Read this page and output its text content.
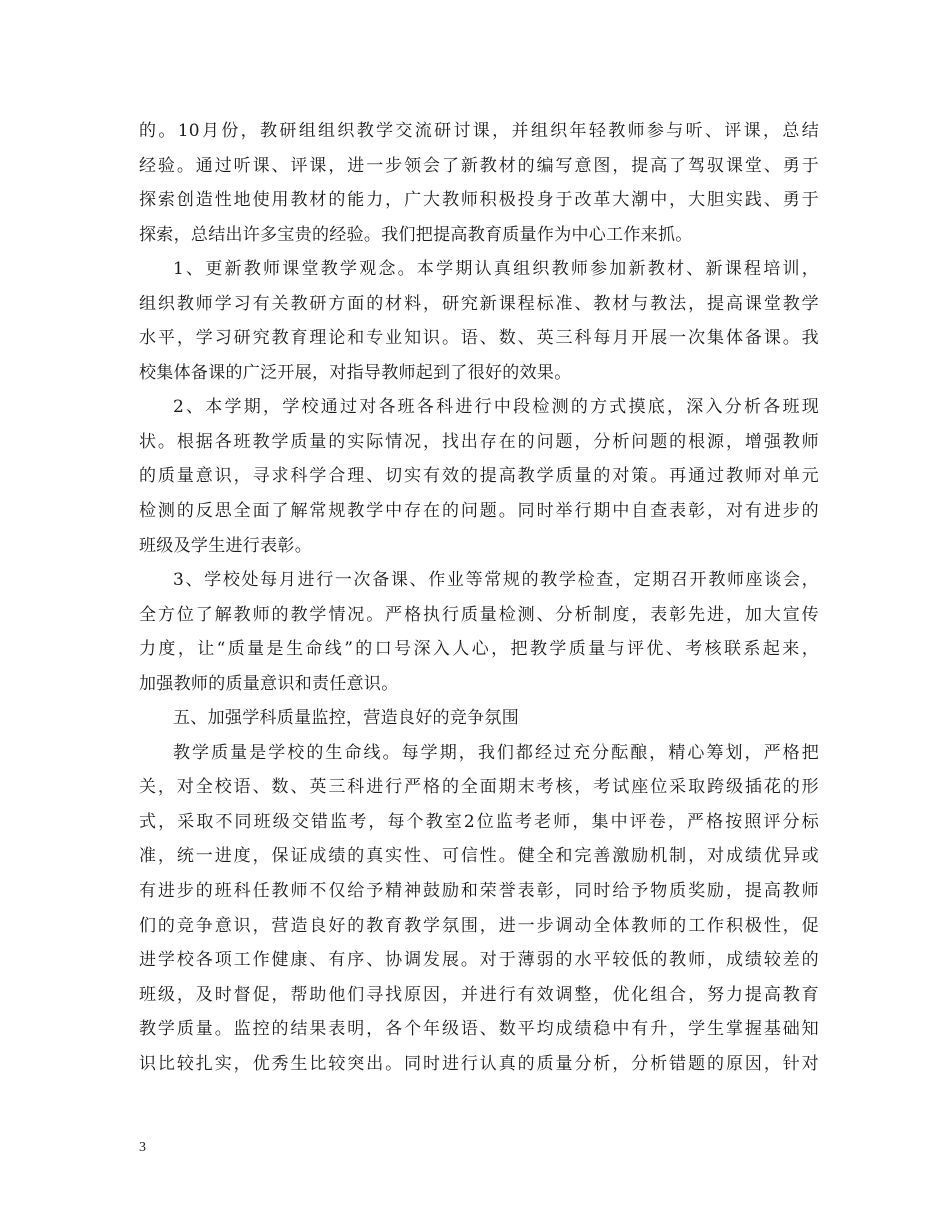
的。10月份，教研组组织教学交流研讨课，并组织年轻教师参与听、评课，总结
经验。通过听课、评课，进一步领会了新教材的编写意图，提高了驾驭课堂、勇于
探索创造性地使用教材的能力，广大教师积极投身于改革大潮中，大胆实践、勇于
探索，总结出许多宝贵的经验。我们把提高教育质量作为中心工作来抓。
1、更新教师课堂教学观念。本学期认真组织教师参加新教材、新课程培训，
组织教师学习有关教研方面的材料，研究新课程标准、教材与教法，提高课堂教学
水平，学习研究教育理论和专业知识。语、数、英三科每月开展一次集体备课。我
校集体备课的广泛开展，对指导教师起到了很好的效果。
2、本学期，学校通过对各班各科进行中段检测的方式摸底，深入分析各班现
状。根据各班教学质量的实际情况，找出存在的问题，分析问题的根源，增强教师
的质量意识，寻求科学合理、切实有效的提高教学质量的对策。再通过教师对单元
检测的反思全面了解常规教学中存在的问题。同时举行期中自查表彰，对有进步的
班级及学生进行表彰。
3、学校处每月进行一次备课、作业等常规的教学检查，定期召开教师座谈会，
全方位了解教师的教学情况。严格执行质量检测、分析制度，表彰先进，加大宣传
力度，让“质量是生命线”的口号深入人心，把教学质量与评优、考核联系起来，
加强教师的质量意识和责任意识。
五、加强学科质量监控，营造良好的竞争氛围
教学质量是学校的生命线。每学期，我们都经过充分酝酿，精心筹划，严格把
关，对全校语、数、英三科进行严格的全面期末考核，考试座位采取跨级插花的形
式，采取不同班级交错监考，每个教室2位监考老师，集中评卷，严格按照评分标
准，统一进度，保证成绩的真实性、可信性。健全和完善激励机制，对成绩优异或
有进步的班科任教师不仅给予精神鼓励和荣誉表彰，同时给予物质奖励，提高教师
们的竞争意识，营造良好的教育教学氛围，进一步调动全体教师的工作积极性，促
进学校各项工作健康、有序、协调发展。对于薄弱的水平较低的教师，成绩较差的
班级，及时督促，帮助他们寻找原因，并进行有效调整，优化组合，努力提高教育
教学质量。监控的结果表明，各个年级语、数平均成绩稳中有升，学生掌握基础知
识比较扎实，优秀生比较突出。同时进行认真的质量分析，分析错题的原因，针对
3
